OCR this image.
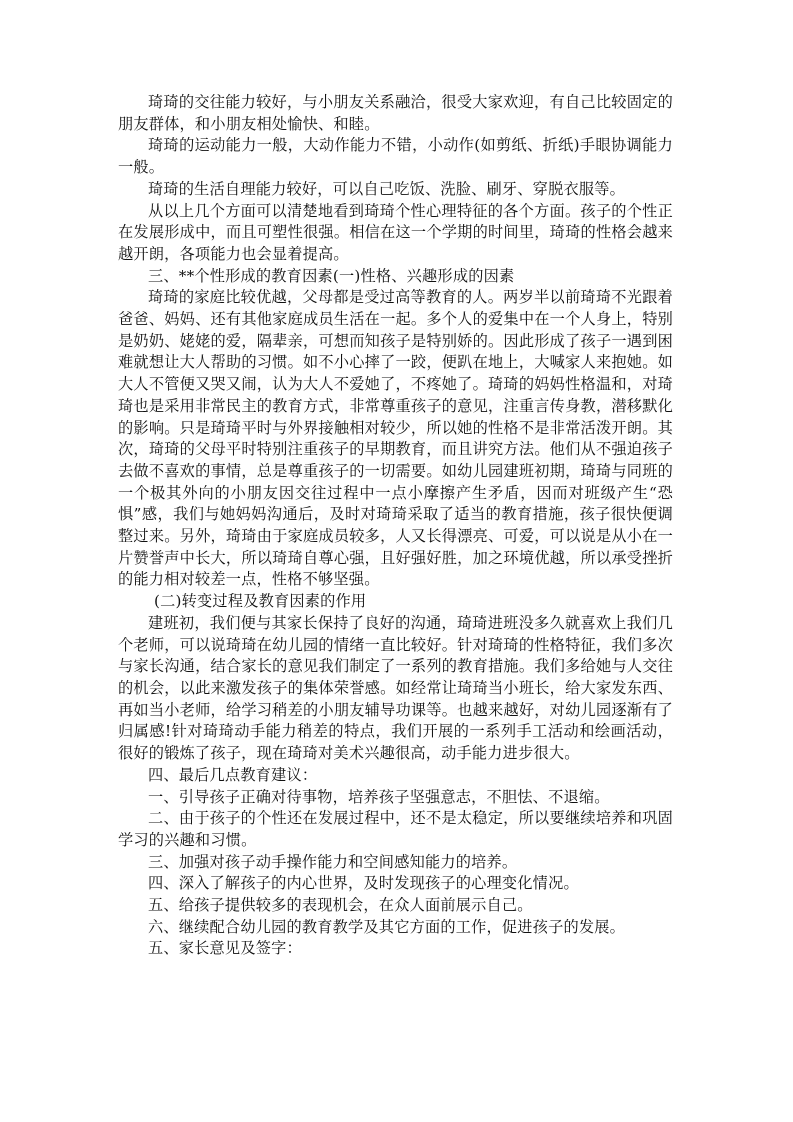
琦琦的交往能力较好，与小朋友关系融洽，很受大家欢迎，有自己比较固定的朋友群体，和小朋友相处愉快、和睦。

琦琦的运动能力一般，大动作能力不错，小动作(如剪纸、折纸)手眼协调能力一般。

琦琦的生活自理能力较好，可以自己吃饭、洗脸、刷牙、穿脱衣服等。

从以上几个方面可以清楚地看到琦琦个性心理特征的各个方面。孩子的个性正在发展形成中，而且可塑性很强。相信在这一个学期的时间里，琦琦的性格会越来越开朗，各项能力也会显着提高。

三、**个性形成的教育因素(一)性格、兴趣形成的因素

琦琦的家庭比较优越，父母都是受过高等教育的人。两岁半以前琦琦不光跟着爸爸、妈妈、还有其他家庭成员生活在一起。多个人的爱集中在一个人身上，特别是奶奶、姥姥的爱，隔辈亲，可想而知孩子是特别娇的。因此形成了孩子一遇到困难就想让大人帮助的习惯。如不小心摔了一跤，便趴在地上，大喊家人来抱她。如大人不管便又哭又闹，认为大人不爱她了，不疼她了。琦琦的妈妈性格温和，对琦琦也是采用非常民主的教育方式，非常尊重孩子的意见，注重言传身教，潜移默化的影响。只是琦琦平时与外界接触相对较少，所以她的性格不是非常活泼开朗。其次，琦琦的父母平时特别注重孩子的早期教育，而且讲究方法。他们从不强迫孩子去做不喜欢的事情，总是尊重孩子的一切需要。如幼儿园建班初期，琦琦与同班的一个极其外向的小朋友因交往过程中一点小摩擦产生矛盾，因而对班级产生“恐惧”感，我们与她妈妈沟通后，及时对琦琦采取了适当的教育措施，孩子很快便调整过来。另外，琦琦由于家庭成员较多，人又长得漂亮、可爱，可以说是从小在一片赞誉声中长大，所以琦琦自尊心强，且好强好胜，加之环境优越，所以承受挫折的能力相对较差一点，性格不够坚强。

(二)转变过程及教育因素的作用

建班初，我们便与其家长保持了良好的沟通，琦琦进班没多久就喜欢上我们几个老师，可以说琦琦在幼儿园的情绪一直比较好。针对琦琦的性格特征，我们多次与家长沟通，结合家长的意见我们制定了一系列的教育措施。我们多给她与人交往的机会，以此来激发孩子的集体荣誉感。如经常让琦琦当小班长，给大家发东西、再如当小老师，给学习稍差的小朋友辅导功课等。也越来越好，对幼儿园逐渐有了归属感!针对琦琦动手能力稍差的特点，我们开展的一系列手工活动和绘画活动，很好的锻炼了孩子，现在琦琦对美术兴趣很高，动手能力进步很大。

四、最后几点教育建议：

一、引导孩子正确对待事物，培养孩子坚强意志，不胆怯、不退缩。

二、由于孩子的个性还在发展过程中，还不是太稳定，所以要继续培养和巩固学习的兴趣和习惯。

三、加强对孩子动手操作能力和空间感知能力的培养。

四、深入了解孩子的内心世界，及时发现孩子的心理变化情况。

五、给孩子提供较多的表现机会，在众人面前展示自己。

六、继续配合幼儿园的教育教学及其它方面的工作，促进孩子的发展。

五、家长意见及签字：
